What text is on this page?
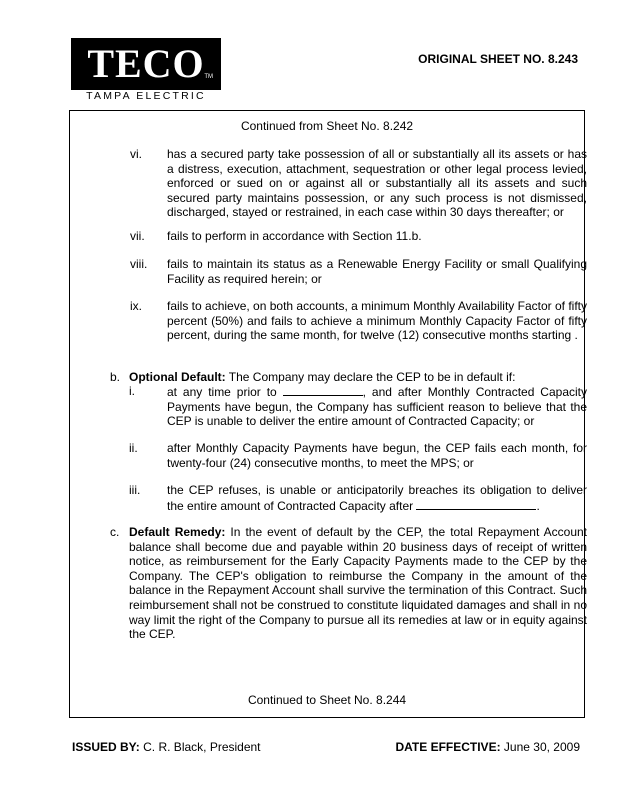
TECO TM
TAMPA ELECTRIC
ORIGINAL SHEET NO. 8.243
Continued from Sheet No. 8.242
vi. has a secured party take possession of all or substantially all its assets or has a distress, execution, attachment, sequestration or other legal process levied, enforced or sued on or against all or substantially all its assets and such secured party maintains possession, or any such process is not dismissed, discharged, stayed or restrained, in each case within 30 days thereafter; or
vii. fails to perform in accordance with Section 11.b.
viii. fails to maintain its status as a Renewable Energy Facility or small Qualifying Facility as required herein; or
ix. fails to achieve, on both accounts, a minimum Monthly Availability Factor of fifty percent (50%) and fails to achieve a minimum Monthly Capacity Factor of fifty percent, during the same month, for twelve (12) consecutive months starting .
b. Optional Default: The Company may declare the CEP to be in default if:
i.	at any time prior to	, and after Monthly Contracted Capacity Payments have begun, the Company has sufficient reason to believe that the CEP is unable to deliver the entire amount of Contracted Capacity; or
ii. after Monthly Capacity Payments have begun, the CEP fails each month, for twenty-four (24) consecutive months, to meet the MPS; or
iii. the CEP refuses, is unable or anticipatorily breaches its obligation to deliver the entire amount of Contracted Capacity after	.
c. Default Remedy: In the event of default by the CEP, the total Repayment Account balance shall become due and payable within 20 business days of receipt of written notice, as reimbursement for the Early Capacity Payments made to the CEP by the Company. The CEP's obligation to reimburse the Company in the amount of the balance in the Repayment Account shall survive the termination of this Contract. Such reimbursement shall not be construed to constitute liquidated damages and shall in no way limit the right of the Company to pursue all its remedies at law or in equity against the CEP.
Continued to Sheet No. 8.244
ISSUED BY: C. R. Black, President	DATE EFFECTIVE: June 30, 2009
